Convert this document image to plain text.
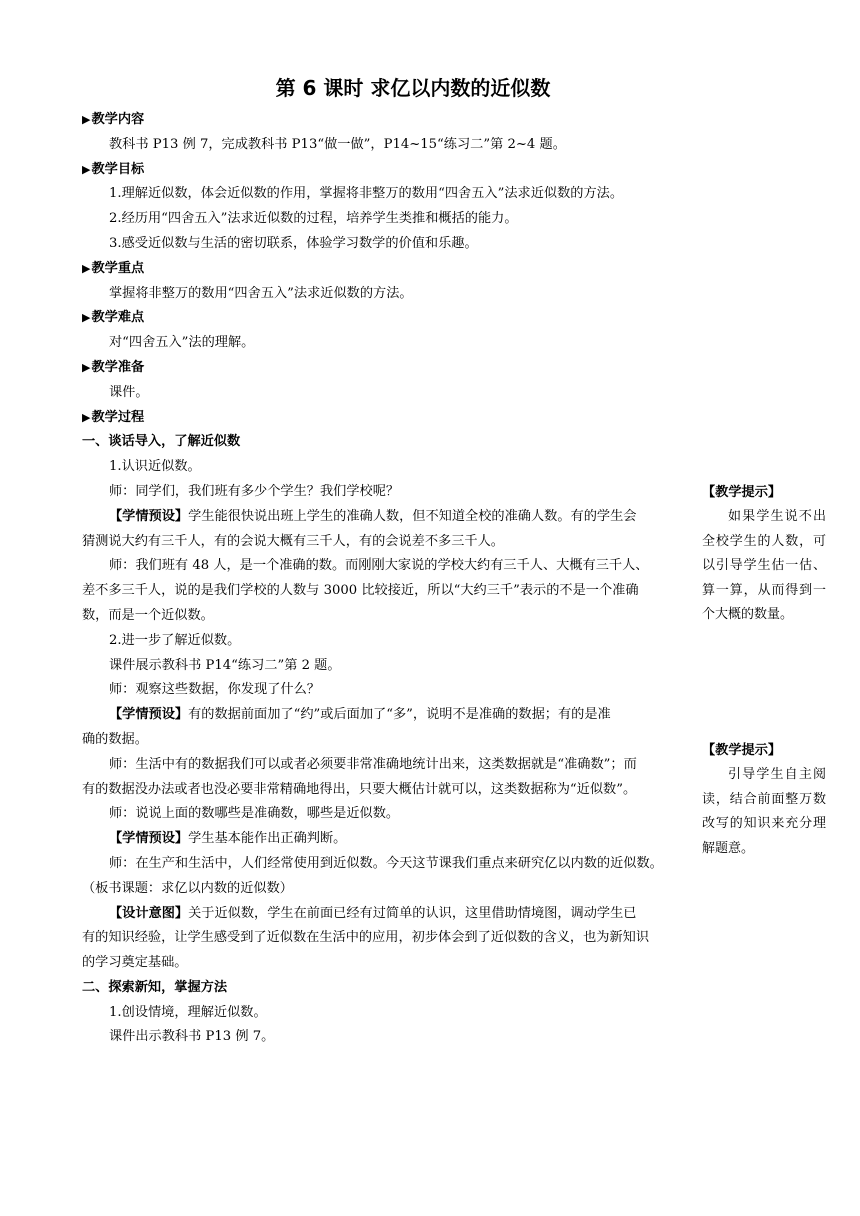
第 6 课时 求亿以内数的近似数
▶教学内容
教科书 P13 例 7，完成教科书 P13“做一做”，P14~15“练习二”第 2~4 题。
▶教学目标
1.理解近似数，体会近似数的作用，掌握将非整万的数用“四舍五入”法求近似数的方法。
2.经历用“四舍五入”法求近似数的过程，培养学生类推和概括的能力。
3.感受近似数与生活的密切联系，体验学习数学的价值和乐趣。
▶教学重点
掌握将非整万的数用“四舍五入”法求近似数的方法。
▶教学难点
对“四舍五入”法的理解。
▶教学准备
课件。
▶教学过程
一、谈话导入，了解近似数
1.认识近似数。
师：同学们，我们班有多少个学生？我们学校呢？
【学情预设】学生能很快说出班上学生的准确人数，但不知道全校的准确人数。有的学生会
猜测说大约有三千人，有的会说大概有三千人，有的会说差不多三千人。
师：我们班有 48 人，是一个准确的数。而刚刚大家说的学校大约有三千人、大概有三千人、
差不多三千人，说的是我们学校的人数与 3000 比较接近，所以“大约三千”表示的不是一个准确
数，而是一个近似数。
2.进一步了解近似数。
课件展示教科书 P14“练习二”第 2 题。
师：观察这些数据，你发现了什么？
【学情预设】有的数据前面加了“约”或后面加了“多”，说明不是准确的数据；有的是准
确的数据。
师：生活中有的数据我们可以或者必须要非常准确地统计出来，这类数据就是“准确数”；而
有的数据没办法或者也没必要非常精确地得出，只要大概估计就可以，这类数据称为“近似数”。
师：说说上面的数哪些是准确数，哪些是近似数。
【学情预设】学生基本能作出正确判断。
师：在生产和生活中，人们经常使用到近似数。今天这节课我们重点来研究亿以内数的近似数。
（板书课题：求亿以内数的近似数）
【设计意图】关于近似数，学生在前面已经有过简单的认识，这里借助情境图，调动学生已
有的知识经验，让学生感受到了近似数在生活中的应用，初步体会到了近似数的含义，也为新知识
的学习奠定基础。
二、探索新知，掌握方法
1.创设情境，理解近似数。
课件出示教科书 P13 例 7。
【教学提示】
如果学生说不出全校学生的人数，可以引导学生估一估、算一算，从而得到一个大概的数量。
【教学提示】
引导学生自主阅读，结合前面整万数改写的知识来充分理解题意。
